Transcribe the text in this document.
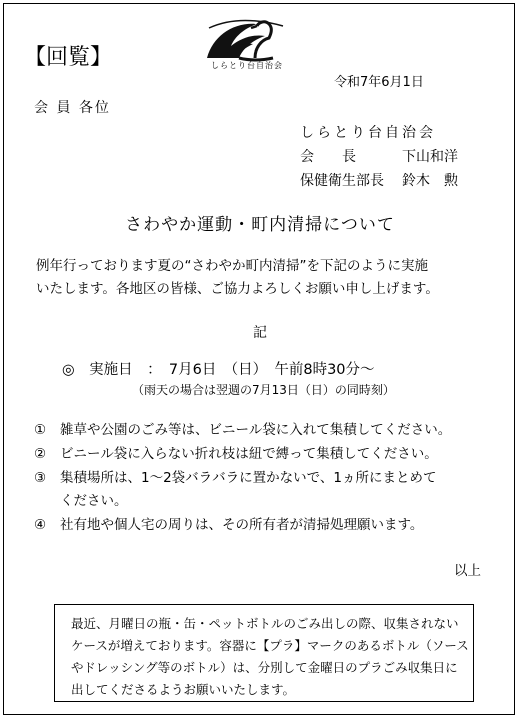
【回覧】	しらとり台自治会
令和7年6月1日
会 員 各位
しらとり台自治会
会　　長	下山和洋
保健衛生部長 鈴木　勲
さわやか運動・町内清掃について
例年行っております夏の“さわやか町内清掃”を下記のように実施
いたします。各地区の皆様、ご協力よろしくお願い申し上げます。
記
◎　実施日　：　7月6日　（日）　午前8時30分～
（雨天の場合は翌週の7月13日（日）の同時刻）
① 雑草や公園のごみ等は、ビニール袋に入れて集積してください。
② ビニール袋に入らない折れ枝は紐で縛って集積してください。
③ 集積場所は、1～2袋バラバラに置かないで、1ヵ所にまとめて
ください。
④ 社有地や個人宅の周りは、その所有者が清掃処理願います。
以上
最近、月曜日の瓶・缶・ペットボトルのごみ出しの際、収集されない
ケースが増えております。容器に【プラ】マークのあるボトル（ソース
やドレッシング等のボトル）は、分別して金曜日のプラごみ収集日に
出してくださるようお願いいたします。
